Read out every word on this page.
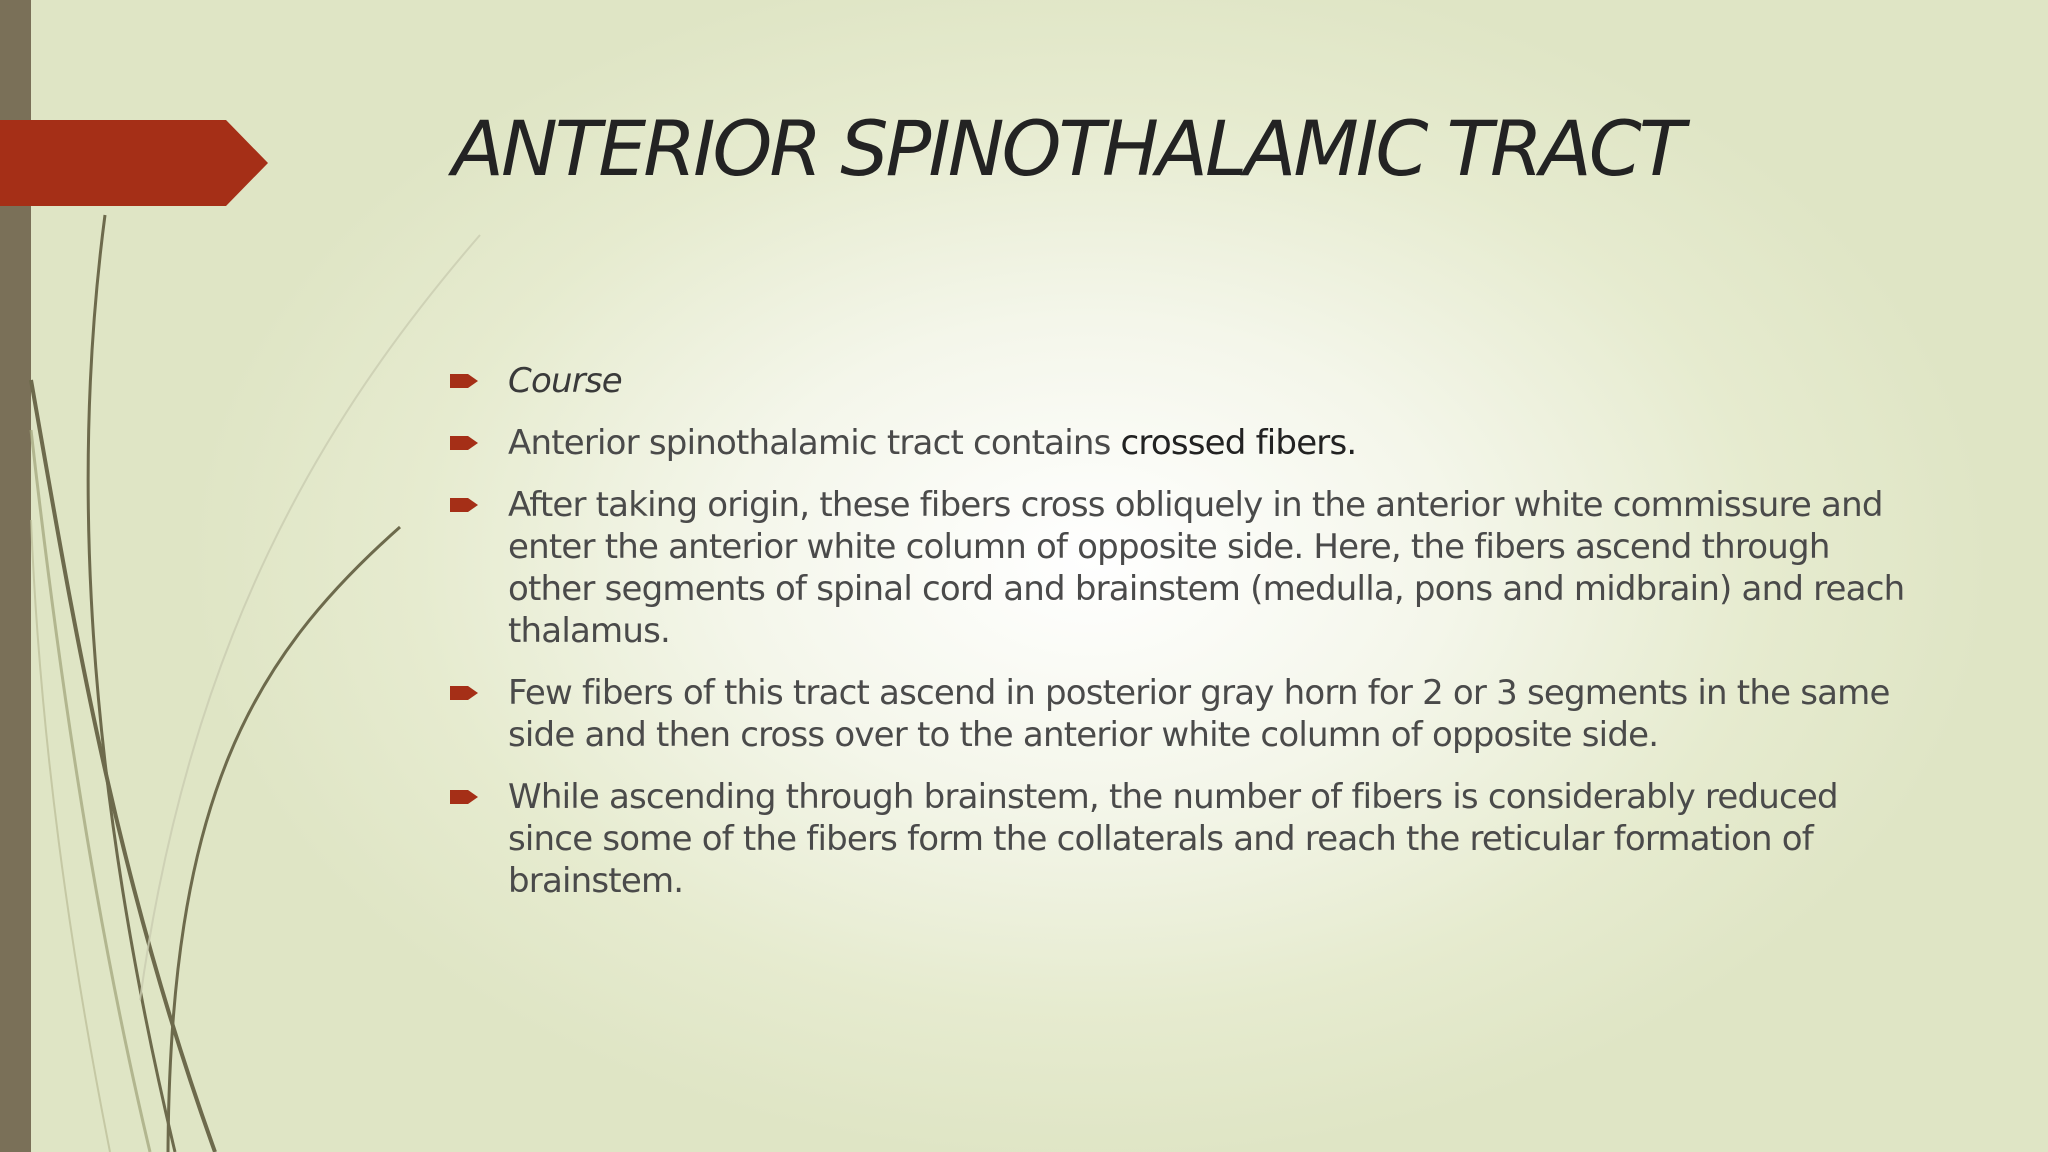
ANTERIOR SPINOTHALAMIC TRACT
Course
Anterior spinothalamic tract contains crossed fibers.
After taking origin, these fibers cross obliquely in the anterior white commissure and enter the anterior white column of opposite side. Here, the fibers ascend through other segments of spinal cord and brainstem (medulla, pons and midbrain) and reach thalamus.
Few fibers of this tract ascend in posterior gray horn for 2 or 3 segments in the same side and then cross over to the anterior white column of opposite side.
While ascending through brainstem, the number of fibers is considerably reduced since some of the fibers form the collaterals and reach the reticular formation of brainstem.
